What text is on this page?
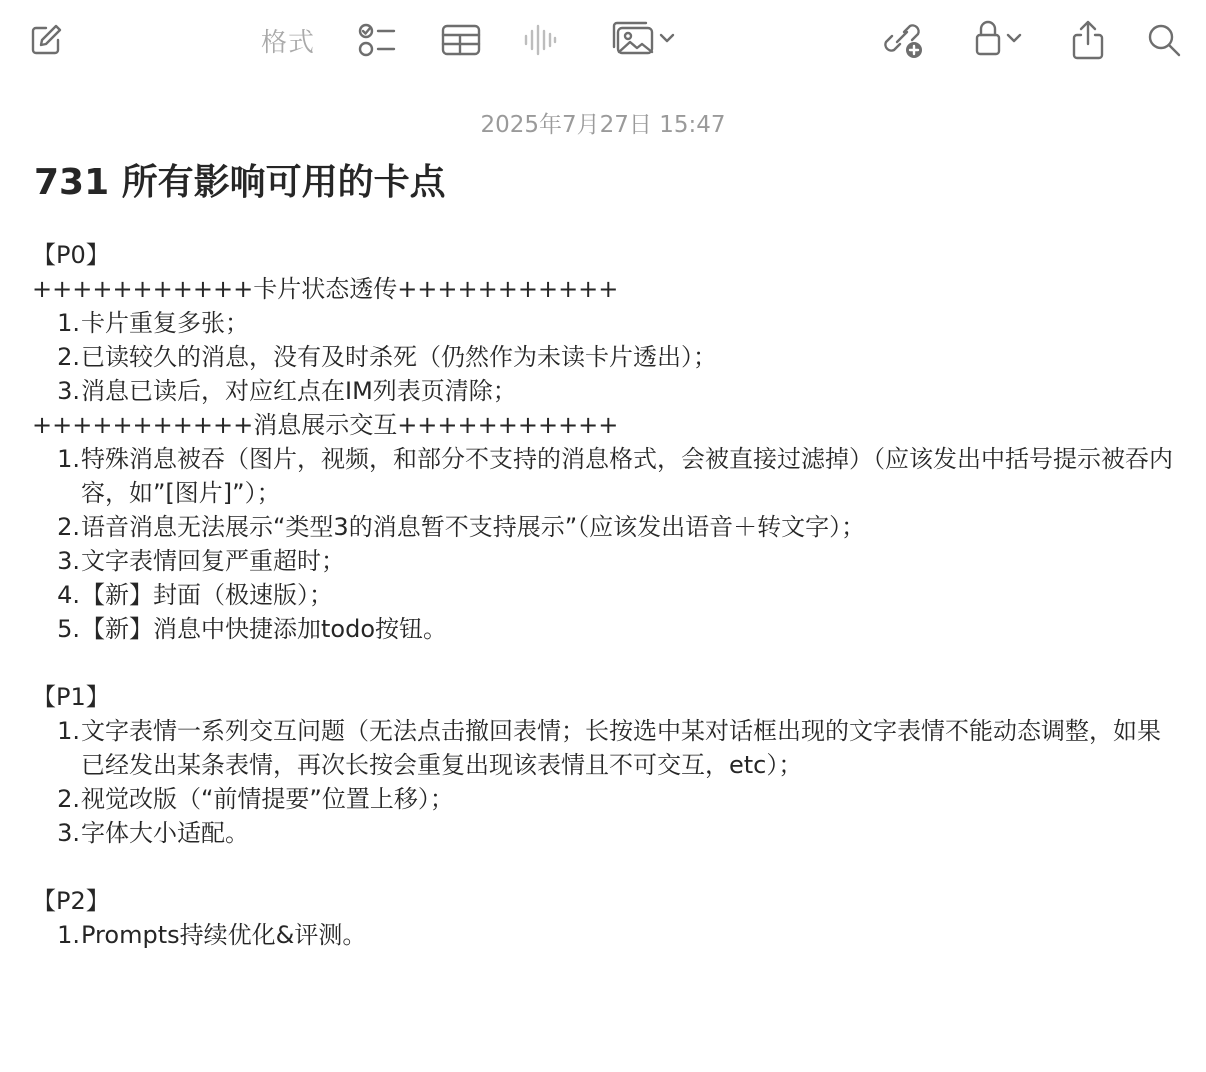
格式
2025年7月27日 15:47
731 所有影响可用的卡点
【P0】
+++++++++++卡片状态透传+++++++++++
1. 卡片重复多张；
2. 已读较久的消息，没有及时杀死（仍然作为未读卡片透出）；
3. 消息已读后，对应红点在IM列表页清除；
+++++++++++消息展示交互+++++++++++
1. 特殊消息被吞（图片，视频，和部分不支持的消息格式，会被直接过滤掉）（应该发出中括号提示被吞内容，如”[图片]”）；
2. 语音消息无法展示“类型3的消息暂不支持展示”（应该发出语音＋转文字）；
3. 文字表情回复严重超时；
4. 【新】封面（极速版）；
5. 【新】消息中快捷添加todo按钮。
【P1】
1. 文字表情一系列交互问题（无法点击撤回表情；长按选中某对话框出现的文字表情不能动态调整，如果已经发出某条表情，再次长按会重复出现该表情且不可交互，etc）；
2. 视觉改版（“前情提要”位置上移）；
3. 字体大小适配。
【P2】
1. Prompts持续优化&评测。
